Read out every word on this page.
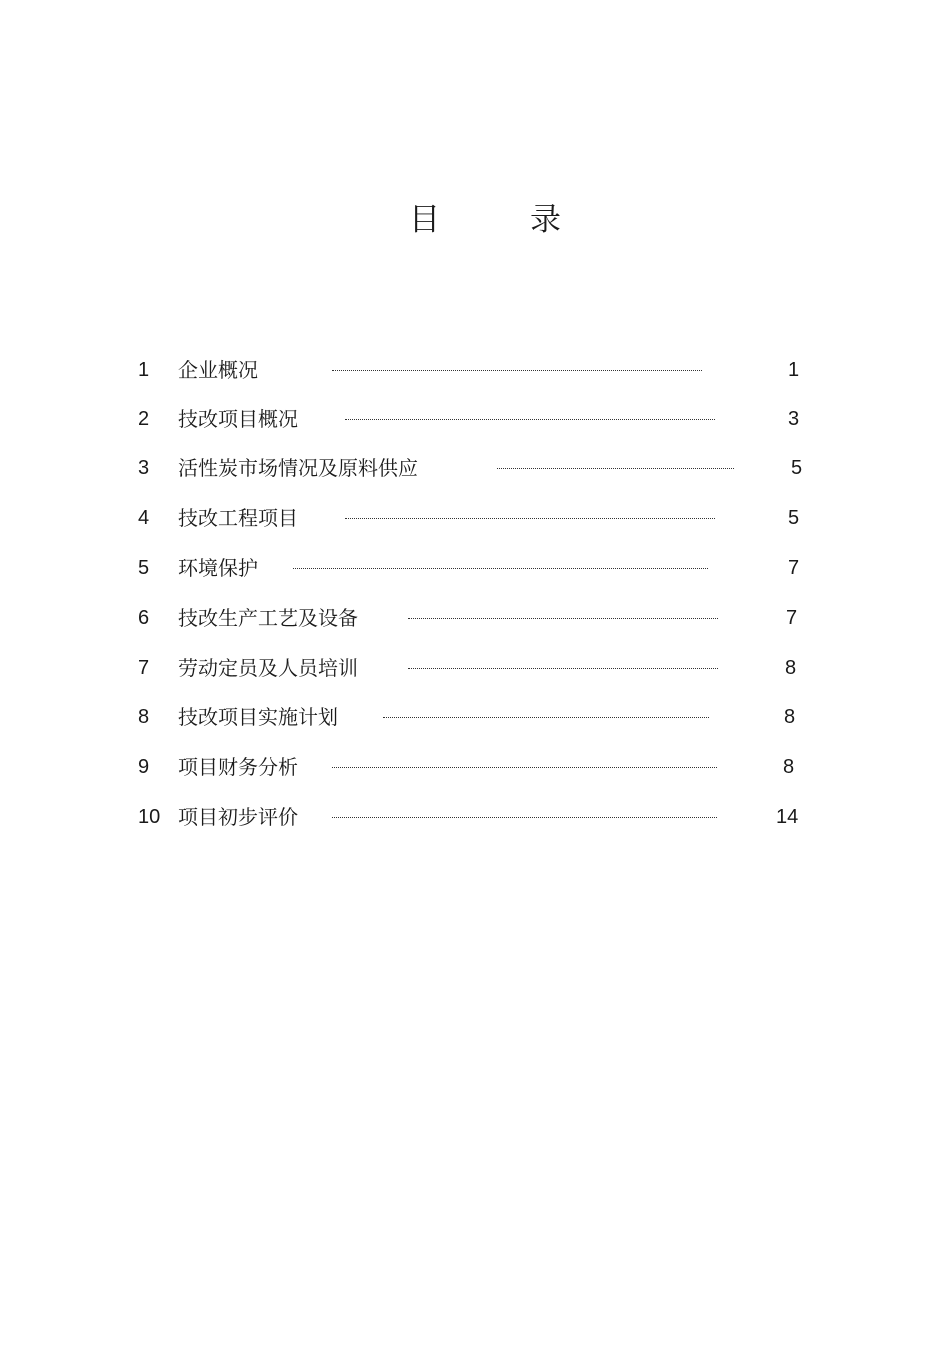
目	录
1 企业概况	1
2 技改项目概况	3
3 活性炭市场情况及原料供应	5
4 技改工程项目	5
5 环境保护	7
6 技改生产工艺及设备	7
7 劳动定员及人员培训	8
8 技改项目实施计划	8
9 项目财务分析	8
10 项目初步评价	14
